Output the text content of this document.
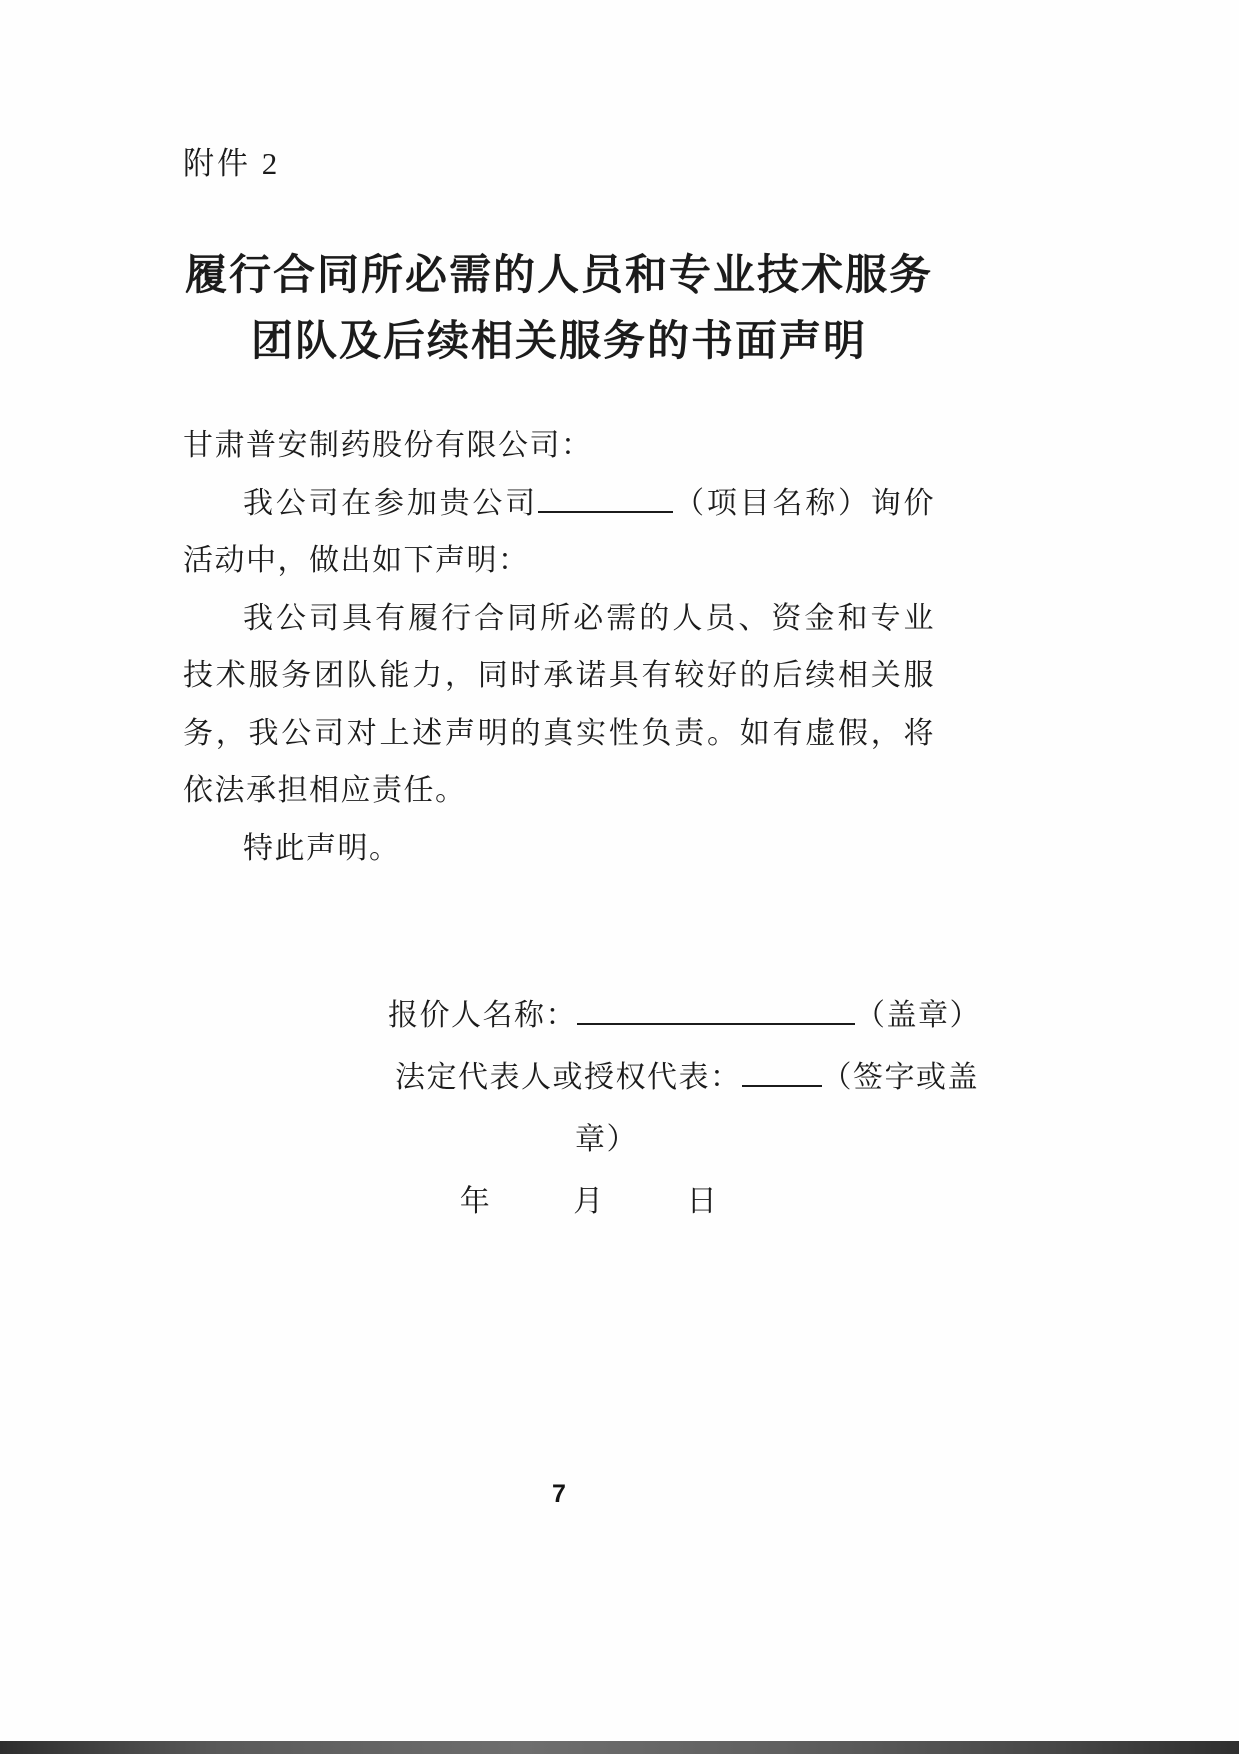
附件 2
履行合同所必需的人员和专业技术服务
团队及后续相关服务的书面声明

甘肃普安制药股份有限公司：

我公司在参加贵公司	（项目名称）询价活动中，做出如下声明：

我公司具有履行合同所必需的人员、资金和专业技术服务团队能力，同时承诺具有较好的后续相关服务，我公司对上述声明的真实性负责。如有虚假，将依法承担相应责任。

特此声明。

报价人名称：	（盖章）

法定代表人或授权代表：	（签字或盖

章）

年	月	日

7
